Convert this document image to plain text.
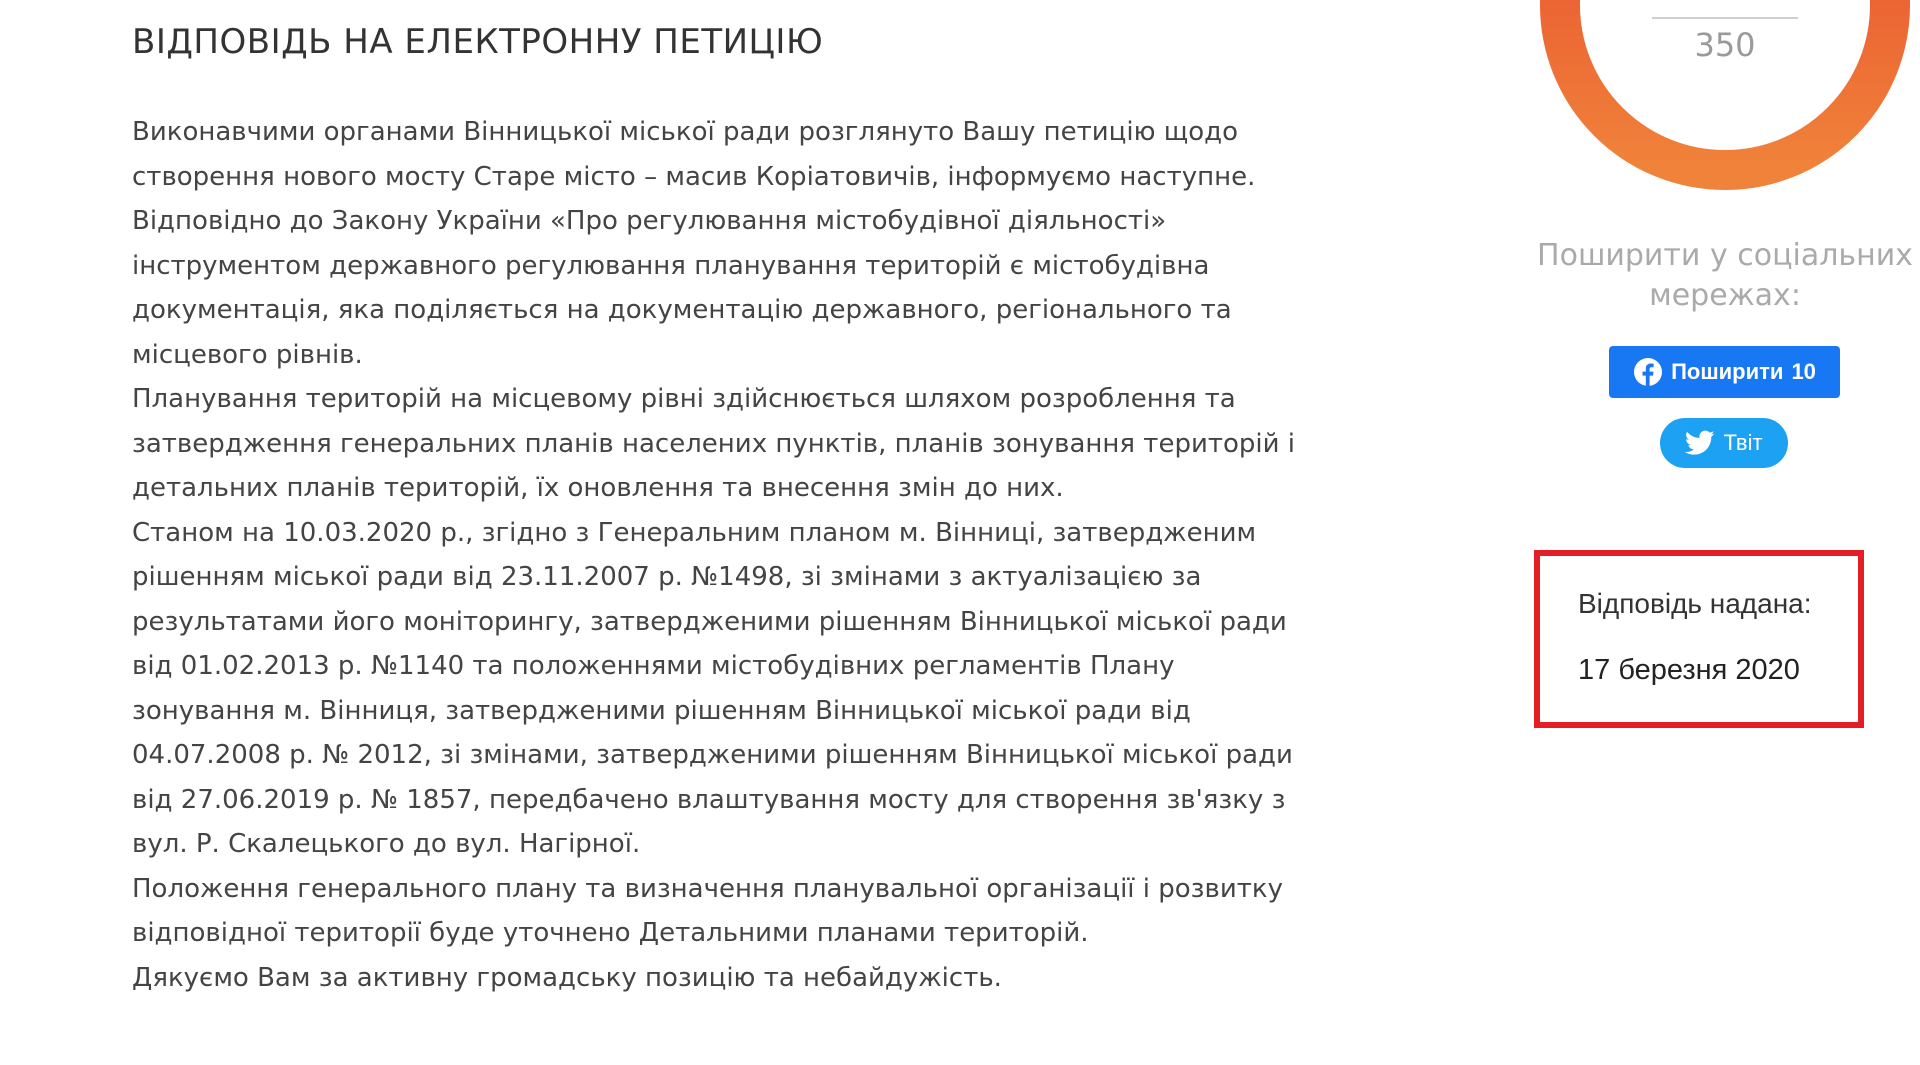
ВІДПОВІДЬ НА ЕЛЕКТРОННУ ПЕТИЦІЮ
Виконавчими органами Вінницької міської ради розглянуто Вашу петицію щодо
створення нового мосту Старе місто – масив Коріатовичів, інформуємо наступне.
Відповідно до Закону України «Про регулювання містобудівної діяльності»
інструментом державного регулювання планування територій є містобудівна
документація, яка поділяється на документацію державного, регіонального та
місцевого рівнів.
Планування територій на місцевому рівні здійснюється шляхом розроблення та
затвердження генеральних планів населених пунктів, планів зонування територій і
детальних планів територій, їх оновлення та внесення змін до них.
Станом на 10.03.2020 р., згідно з Генеральним планом м. Вінниці, затвердженим
рішенням міської ради від 23.11.2007 р. №1498, зі змінами з актуалізацією за
результатами його моніторингу, затвердженими рішенням Вінницької міської ради
від 01.02.2013 р. №1140 та положеннями містобудівних регламентів Плану
зонування м. Вінниця, затвердженими рішенням Вінницької міської ради від
04.07.2008 р. № 2012, зі змінами, затвердженими рішенням Вінницької міської ради
від 27.06.2019 р. № 1857, передбачено влаштування мосту для створення зв'язку з
вул. Р. Скалецького до вул. Нагірної.
Положення генерального плану та визначення планувальної організації і розвитку
відповідної території буде уточнено Детальними планами територій.
Дякуємо Вам за активну громадську позицію та небайдужість.
350
Поширити у соціальних
мережах:
Поширити 10
Твіт
Відповідь надана:
17 березня 2020
